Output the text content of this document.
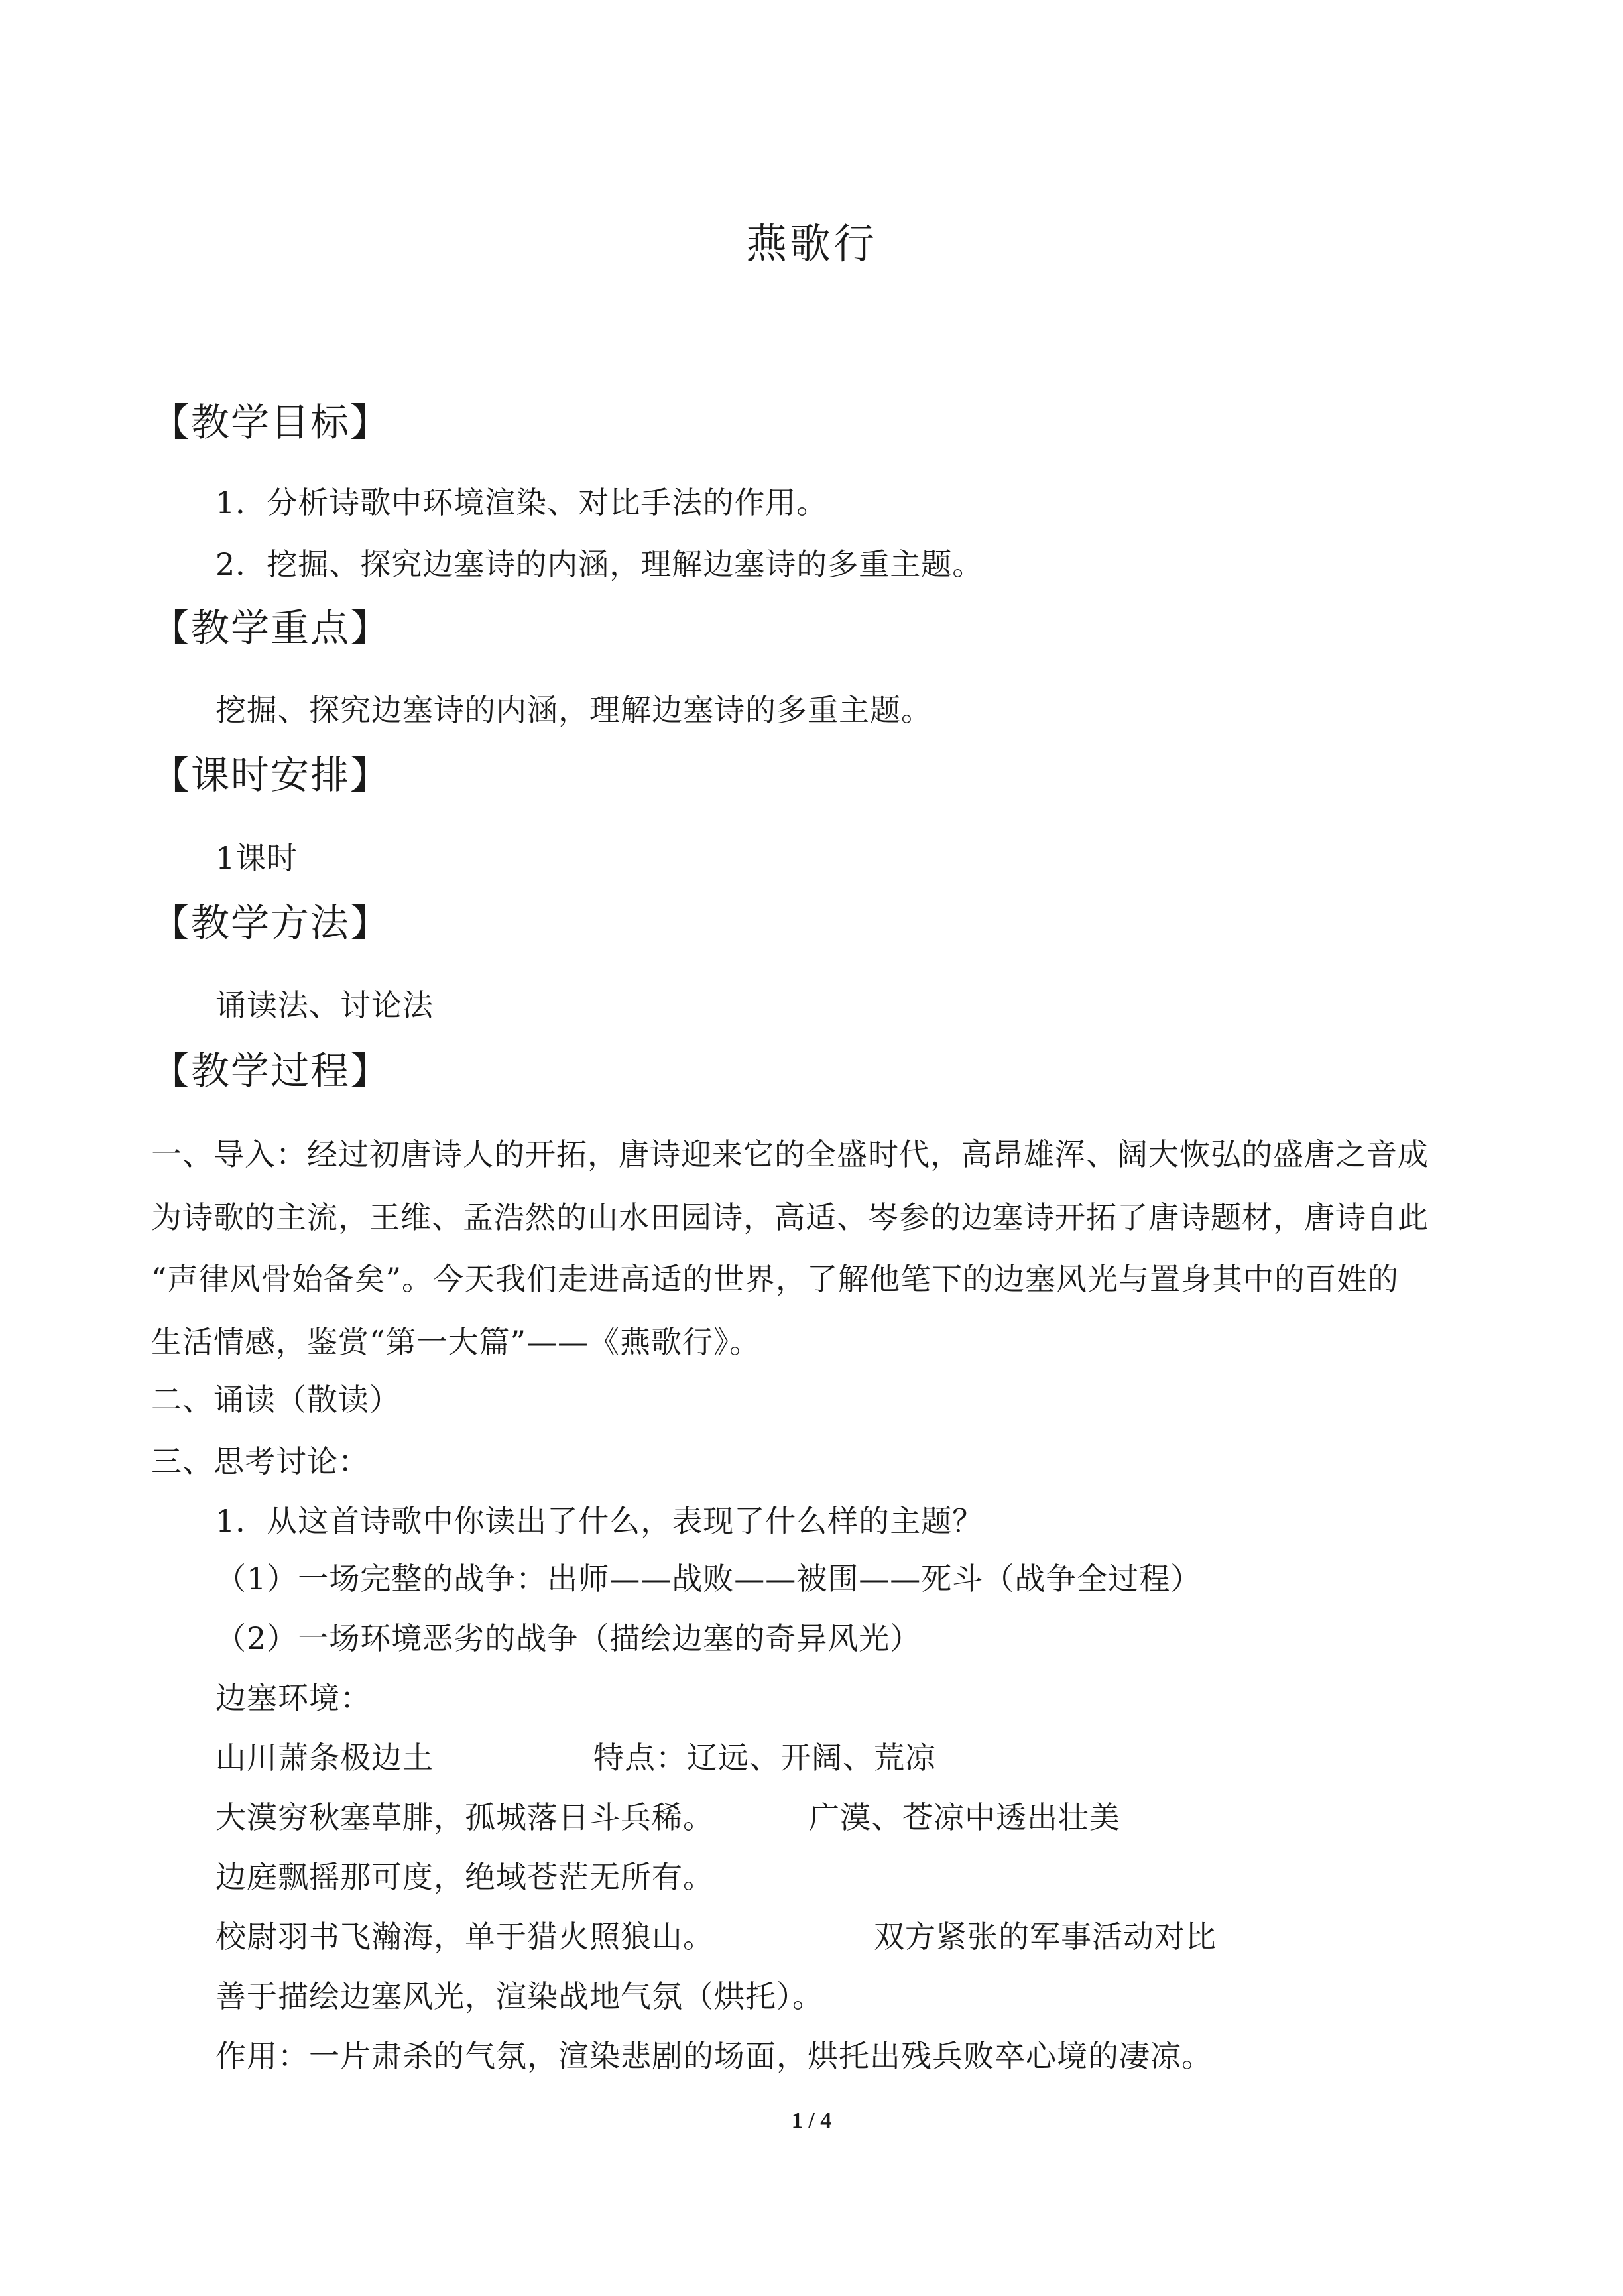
燕歌行
【教学目标】
1．分析诗歌中环境渲染、对比手法的作用。
2．挖掘、探究边塞诗的内涵，理解边塞诗的多重主题。
【教学重点】
挖掘、探究边塞诗的内涵，理解边塞诗的多重主题。
【课时安排】
1课时
【教学方法】
诵读法、讨论法
【教学过程】
一、导入：经过初唐诗人的开拓，唐诗迎来它的全盛时代，高昂雄浑、阔大恢弘的盛唐之音成
为诗歌的主流，王维、孟浩然的山水田园诗，高适、岑参的边塞诗开拓了唐诗题材，唐诗自此
“声律风骨始备矣”。今天我们走进高适的世界，了解他笔下的边塞风光与置身其中的百姓的
生活情感，鉴赏“第一大篇”——《燕歌行》。
二、诵读（散读）
三、思考讨论：
1．从这首诗歌中你读出了什么，表现了什么样的主题？
（1）一场完整的战争：出师——战败——被围——死斗（战争全过程）
（2）一场环境恶劣的战争（描绘边塞的奇异风光）
边塞环境：
山川萧条极边土	特点：辽远、开阔、荒凉
大漠穷秋塞草腓，孤城落日斗兵稀。	广漠、苍凉中透出壮美
边庭飘摇那可度，绝域苍茫无所有。
校尉羽书飞瀚海，单于猎火照狼山。	双方紧张的军事活动对比
善于描绘边塞风光，渲染战地气氛（烘托）。
作用：一片肃杀的气氛，渲染悲剧的场面，烘托出残兵败卒心境的凄凉。
1 / 4
